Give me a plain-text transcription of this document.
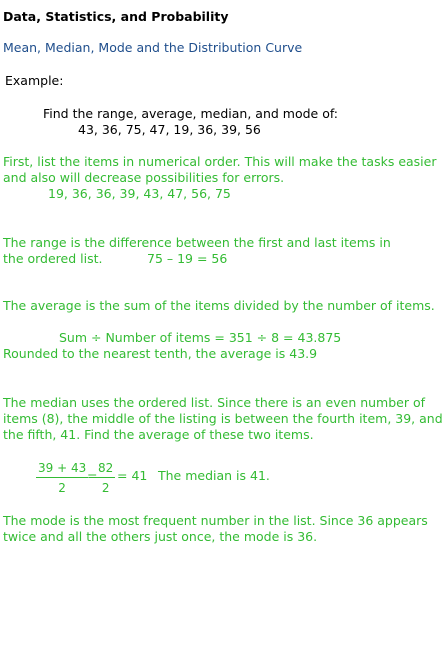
Data, Statistics, and Probability
Mean, Median, Mode and the Distribution Curve
Example:
Find the range, average, median, and mode of:
43, 36, 75, 47, 19, 36, 39, 56
First, list the items in numerical order. This will make the tasks easier and also will decrease possibilities for errors.
19, 36, 36, 39, 43, 47, 56, 75
The range is the difference between the first and last items in
the ordered list.	75 – 19 = 56
The average is the sum of the items divided by the number of items.
Sum ÷ Number of items = 351 ÷ 8 = 43.875
Rounded to the nearest tenth, the average is 43.9
The median uses the ordered list. Since there is an even number of items (8), the middle of the listing is between the fourth item, 39, and the fifth, 41. Find the average of these two items.
$\frac{39 + 43}{2}$
=
$\frac{82}{2} = 41$ The median is 41.
The mode is the most frequent number in the list. Since 36 appears twice and all the others just once, the mode is 36.
